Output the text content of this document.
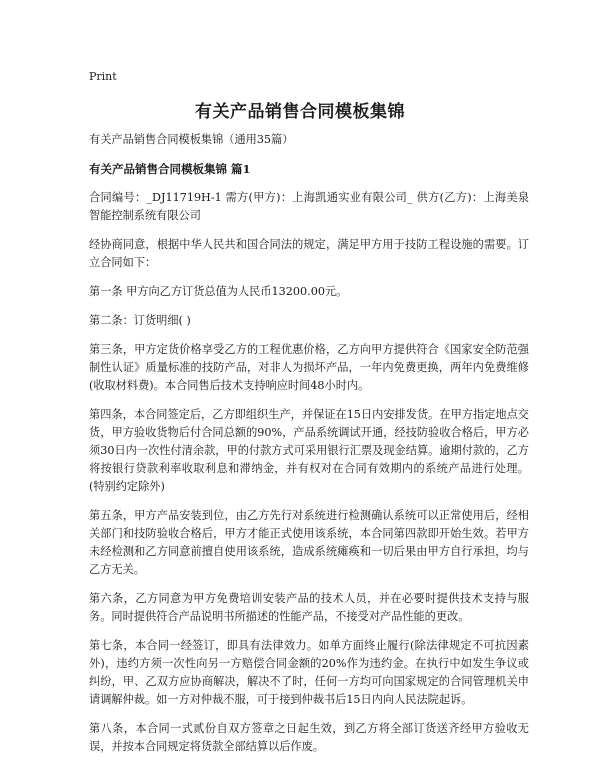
Print
有关产品销售合同模板集锦

有关产品销售合同模板集锦（通用35篇）

有关产品销售合同模板集锦 篇1

合同编号：_DJ11719H-1 需方(甲方)：上海凯通实业有限公司_ 供方(乙方)：上海美泉智能控制系统有限公司

经协商同意，根据中华人民共和国合同法的规定，满足甲方用于技防工程设施的需要。订立合同如下：

第一条 甲方向乙方订货总值为人民币13200.00元。

第二条：订货明细( )

第三条，甲方定货价格享受乙方的工程优惠价格，乙方向甲方提供符合《国家安全防范强制性认证》质量标准的技防产品，对非人为损坏产品，一年内免费更换，两年内免费维修(收取材料费)。本合同售后技术支持响应时间48小时内。

第四条，本合同签定后，乙方即组织生产，并保证在15日内安排发货。在甲方指定地点交货，甲方验收货物后付合同总额的90%，产品系统调试开通，经技防验收合格后，甲方必须30日内一次性付清余款，甲的付款方式可采用银行汇票及现金结算。逾期付款的，乙方将按银行贷款利率收取利息和滞纳金，并有权对在合同有效期内的系统产品进行处理。(特别约定除外)

第五条，甲方产品安装到位，由乙方先行对系统进行检测确认系统可以正常使用后，经相关部门和技防验收合格后，甲方才能正式使用该系统，本合同第四款即开始生效。若甲方未经检测和乙方同意前擅自使用该系统，造成系统瘫痪和一切后果由甲方自行承担，均与乙方无关。

第六条，乙方同意为甲方免费培训安装产品的技术人员，并在必要时提供技术支持与服务。同时提供符合产品说明书所描述的性能产品，不接受对产品性能的更改。

第七条，本合同一经签订，即具有法律效力。如单方面终止履行(除法律规定不可抗因素外)，违约方须一次性向另一方赔偿合同金额的20%作为违约金。在执行中如发生争议或纠纷，甲、乙双方应协商解决，解决不了时，任何一方均可向国家规定的合同管理机关申请调解仲裁。如一方对仲裁不服，可于接到仲裁书后15日内向人民法院起诉。

第八条，本合同一式贰份自双方签章之日起生效，到乙方将全部订货送齐经甲方验收无误，并按本合同规定将货款全部结算以后作废。
